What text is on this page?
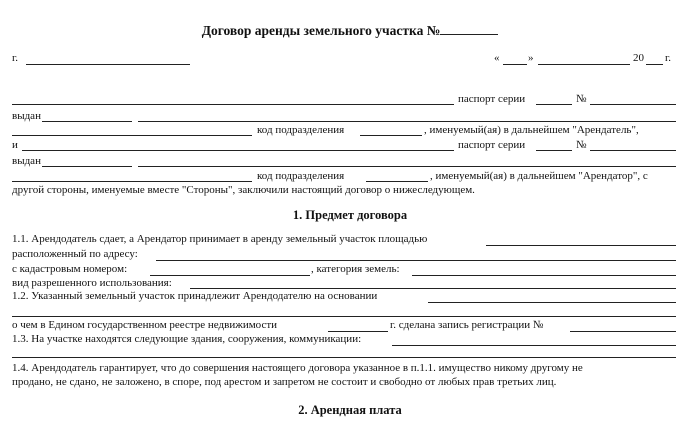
Договор аренды земельного участка №
г.	«	»	20 г.
паспорт серии	№
выдан
код подразделения	, именуемый(ая) в дальнейшем "Арендатель",
и	паспорт серии	№
выдан
код подразделения	, именуемый(ая) в дальнейшем "Арендатор", с
другой стороны, именуемые вместе "Стороны", заключили настоящий договор о нижеследующем.
1. Предмет договора
1.1. Арендодатель сдает, а Арендатор принимает в аренду земельный участок площадью
расположенный по адресу:
с кадастровым номером:	, категория земель:
вид разрешенного использования:
1.2. Указанный земельный участок принадлежит Арендодателю на основании
о чем в Едином государственном реестре недвижимости	г. сделана запись регистрации №
1.3. На участке находятся следующие здания, сооружения, коммуникации:
1.4. Арендодатель гарантирует, что до совершения настоящего договора указанное в п.1.1. имущество никому другому не
продано, не сдано, не заложено, в споре, под арестом и запретом не состоит и свободно от любых прав третьих лиц.
2. Арендная плата
